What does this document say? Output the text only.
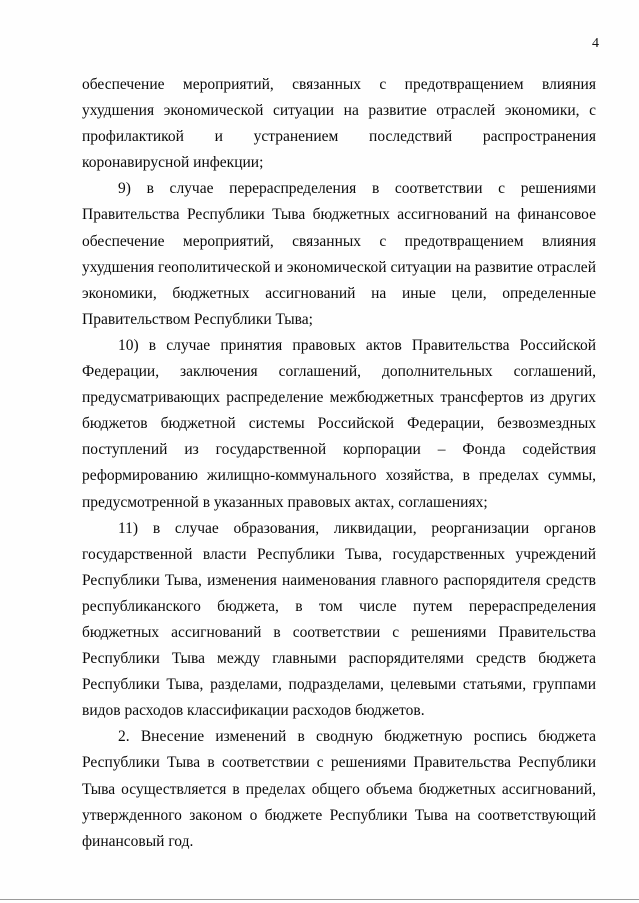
4

обеспечение мероприятий, связанных с предотвращением влияния ухудшения экономической ситуации на развитие отраслей экономики, с профилактикой и устранением последствий распространения коронавирусной инфекции;

9) в случае перераспределения в соответствии с решениями Правительства Республики Тыва бюджетных ассигнований на финансовое обеспечение мероприятий, связанных с предотвращением влияния ухудшения геополитической и экономической ситуации на развитие отраслей экономики, бюджетных ассигнований на иные цели, определенные Правительством Республики Тыва;

10) в случае принятия правовых актов Правительства Российской Федерации, заключения соглашений, дополнительных соглашений, предусматривающих распределение межбюджетных трансфертов из других бюджетов бюджетной системы Российской Федерации, безвозмездных поступлений из государственной корпорации – Фонда содействия реформированию жилищно-коммунального хозяйства, в пределах суммы, предусмотренной в указанных правовых актах, соглашениях;

11) в случае образования, ликвидации, реорганизации органов государственной власти Республики Тыва, государственных учреждений Республики Тыва, изменения наименования главного распорядителя средств республиканского бюджета, в том числе путем перераспределения бюджетных ассигнований в соответствии с решениями Правительства Республики Тыва между главными распорядителями средств бюджета Республики Тыва, разделами, подразделами, целевыми статьями, группами видов расходов классификации расходов бюджетов.

2. Внесение изменений в сводную бюджетную роспись бюджета Республики Тыва в соответствии с решениями Правительства Республики Тыва осуществляется в пределах общего объема бюджетных ассигнований, утвержденного законом о бюджете Республики Тыва на соответствующий финансовый год.
